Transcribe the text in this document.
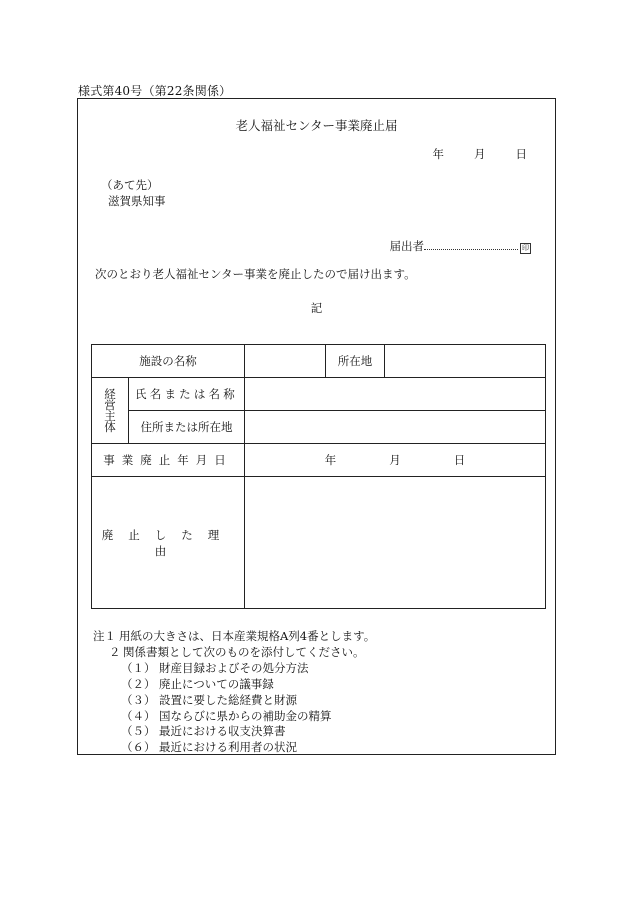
様式第40号（第22条関係）
老人福祉センター事業廃止届
年	月	日
（あて先）
滋賀県知事
届出者	印
次のとおり老人福祉センター事業を廃止したので届け出ます。
記
施設の名称			所在地	

経
営
主
体	氏名または名称			
	住所または所在地			
事業廃止年月日		年 月 日		
廃止した理由				
注１ 用紙の大きさは、日本産業規格A列4番とします。
２ 関係書類として次のものを添付してください。
（１） 財産目録およびその処分方法
（２） 廃止についての議事録
（３） 設置に要した総経費と財源
（４） 国ならびに県からの補助金の精算
（５） 最近における収支決算書
（６） 最近における利用者の状況
